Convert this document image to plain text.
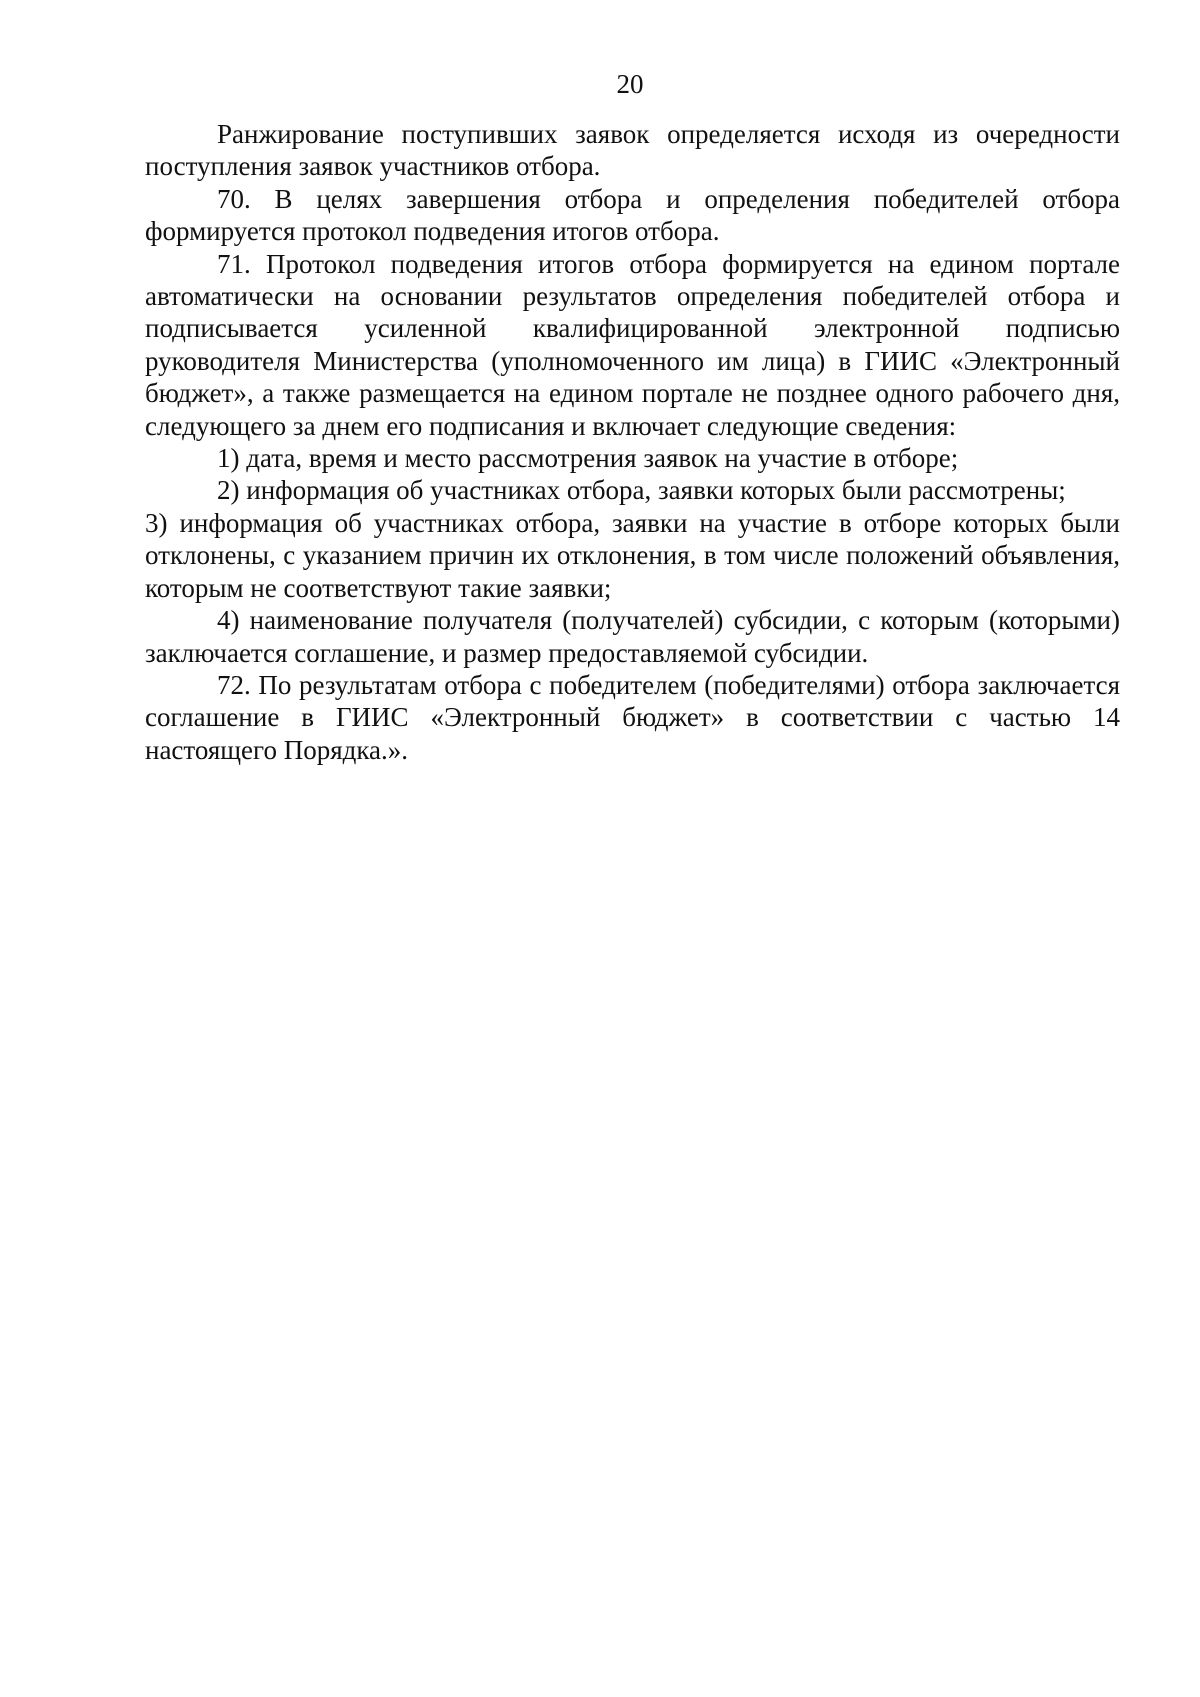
20

Ранжирование поступивших заявок определяется исходя из очередности поступления заявок участников отбора.

70. В целях завершения отбора и определения победителей отбора формируется протокол подведения итогов отбора.

71. Протокол подведения итогов отбора формируется на едином портале автоматически на основании результатов определения победителей отбора и подписывается усиленной квалифицированной электронной подписью руководителя Министерства (уполномоченного им лица) в ГИИС «Электронный бюджет», а также размещается на едином портале не позднее одного рабочего дня, следующего за днем его подписания и включает следующие сведения:

1) дата, время и место рассмотрения заявок на участие в отборе;

2) информация об участниках отбора, заявки которых были рассмотрены;

3) информация об участниках отбора, заявки на участие в отборе которых были отклонены, с указанием причин их отклонения, в том числе положений объявления, которым не соответствуют такие заявки;

4) наименование получателя (получателей) субсидии, с которым (которыми) заключается соглашение, и размер предоставляемой субсидии.

72. По результатам отбора с победителем (победителями) отбора заключается соглашение в ГИИС «Электронный бюджет» в соответствии с частью 14 настоящего Порядка.».
